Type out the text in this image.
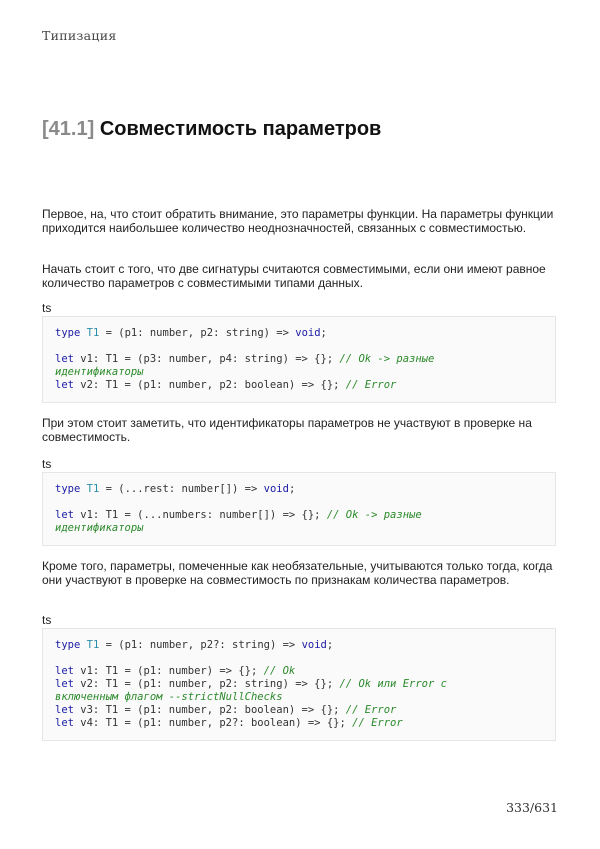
Типизация
[41.1] Совместимость параметров

Первое, на, что стоит обратить внимание, это параметры функции. На параметры функции приходится наибольшее количество неоднозначностей, связанных с совместимостью.

Начать стоит с того, что две сигнатуры считаются совместимыми, если они имеют равное количество параметров с совместимыми типами данных.

ts
type T1 = (p1: number, p2: string) => void;
let v1: T1 = (p3: number, p4: string) => {}; // Ok -> разные
идентификаторы
let v2: T1 = (p1: number, p2: boolean) => {}; // Error

При этом стоит заметить, что идентификаторы параметров не участвуют в проверке на совместимость.

ts
type T1 = (...rest: number[]) => void;
let v1: T1 = (...numbers: number[]) => {}; // Ok -> разные
идентификаторы

Кроме того, параметры, помеченные как необязательные, учитываются только тогда, когда они участвуют в проверке на совместимость по признакам количества параметров.

ts
type T1 = (p1: number, p2?: string) => void;
let v1: T1 = (p1: number) => {}; // Ok
let v2: T1 = (p1: number, p2: string) => {}; // Ok или Error с
включенным флагом --strictNullChecks
let v3: T1 = (p1: number, p2: boolean) => {}; // Error
let v4: T1 = (p1: number, p2?: boolean) => {}; // Error
333/631
